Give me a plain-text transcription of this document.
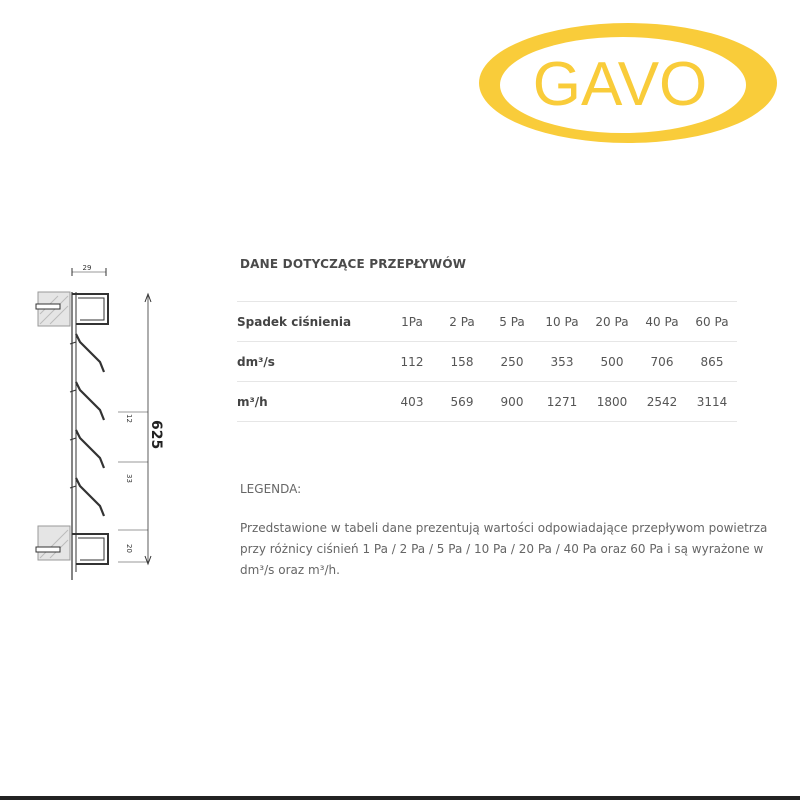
GAVO
29
12
33
20
625
DANE DOTYCZĄCE PRZEPŁYWÓW
Spadek ciśnienia	1Pa	2 Pa	5 Pa	10 Pa	20 Pa	40 Pa	60 Pa
dm³/s	112	158	250	353	500	706	865
m³/h	403	569	900	1271	1800	2542	3114
LEGENDA:
Przedstawione w tabeli dane prezentują wartości odpowiadające przepływom powietrza przy różnicy ciśnień 1 Pa / 2 Pa / 5 Pa / 10 Pa / 20 Pa / 40 Pa oraz 60 Pa i są wyrażone w dm³/s oraz m³/h.
